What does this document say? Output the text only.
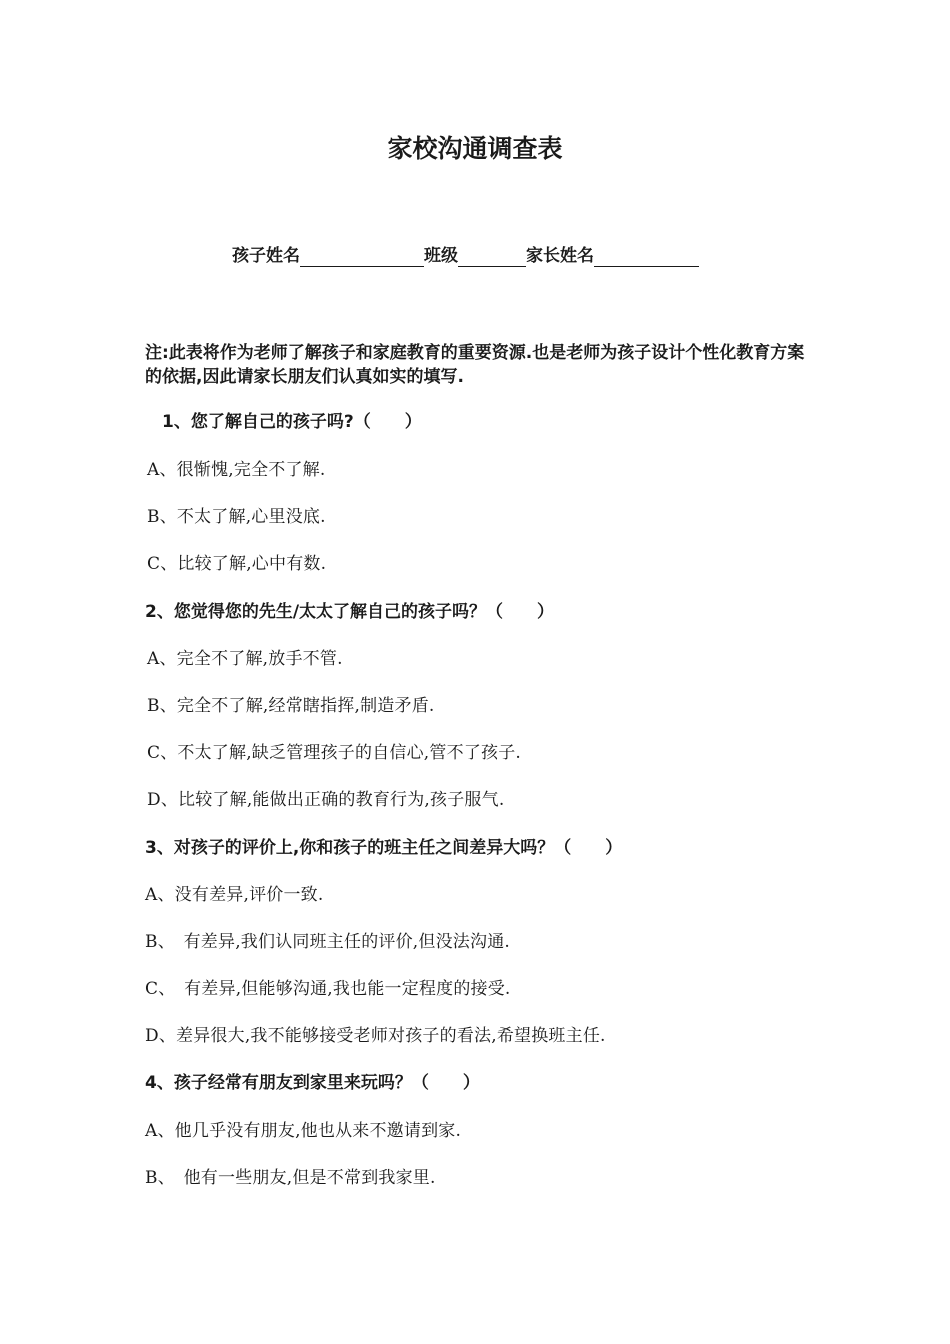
家校沟通调查表
孩子姓名	班级	家长姓名
注:此表将作为老师了解孩子和家庭教育的重要资源.也是老师为孩子设计个性化教育方案的依据,因此请家长朋友们认真如实的填写.
1、您了解自己的孩子吗?（　　）
A、很惭愧,完全不了解.
B、不太了解,心里没底.
C、比较了解,心中有数.
2、您觉得您的先生/太太了解自己的孩子吗？（　　）
A、完全不了解,放手不管.
B、完全不了解,经常瞎指挥,制造矛盾.
C、不太了解,缺乏管理孩子的自信心,管不了孩子.
D、比较了解,能做出正确的教育行为,孩子服气.
3、对孩子的评价上,你和孩子的班主任之间差异大吗？（　　）
A、没有差异,评价一致.
B、　有差异,我们认同班主任的评价,但没法沟通.
C、　有差异,但能够沟通,我也能一定程度的接受.
D、差异很大,我不能够接受老师对孩子的看法,希望换班主任.
4、孩子经常有朋友到家里来玩吗？（　　）
A、他几乎没有朋友,他也从来不邀请到家.
B、　他有一些朋友,但是不常到我家里.
